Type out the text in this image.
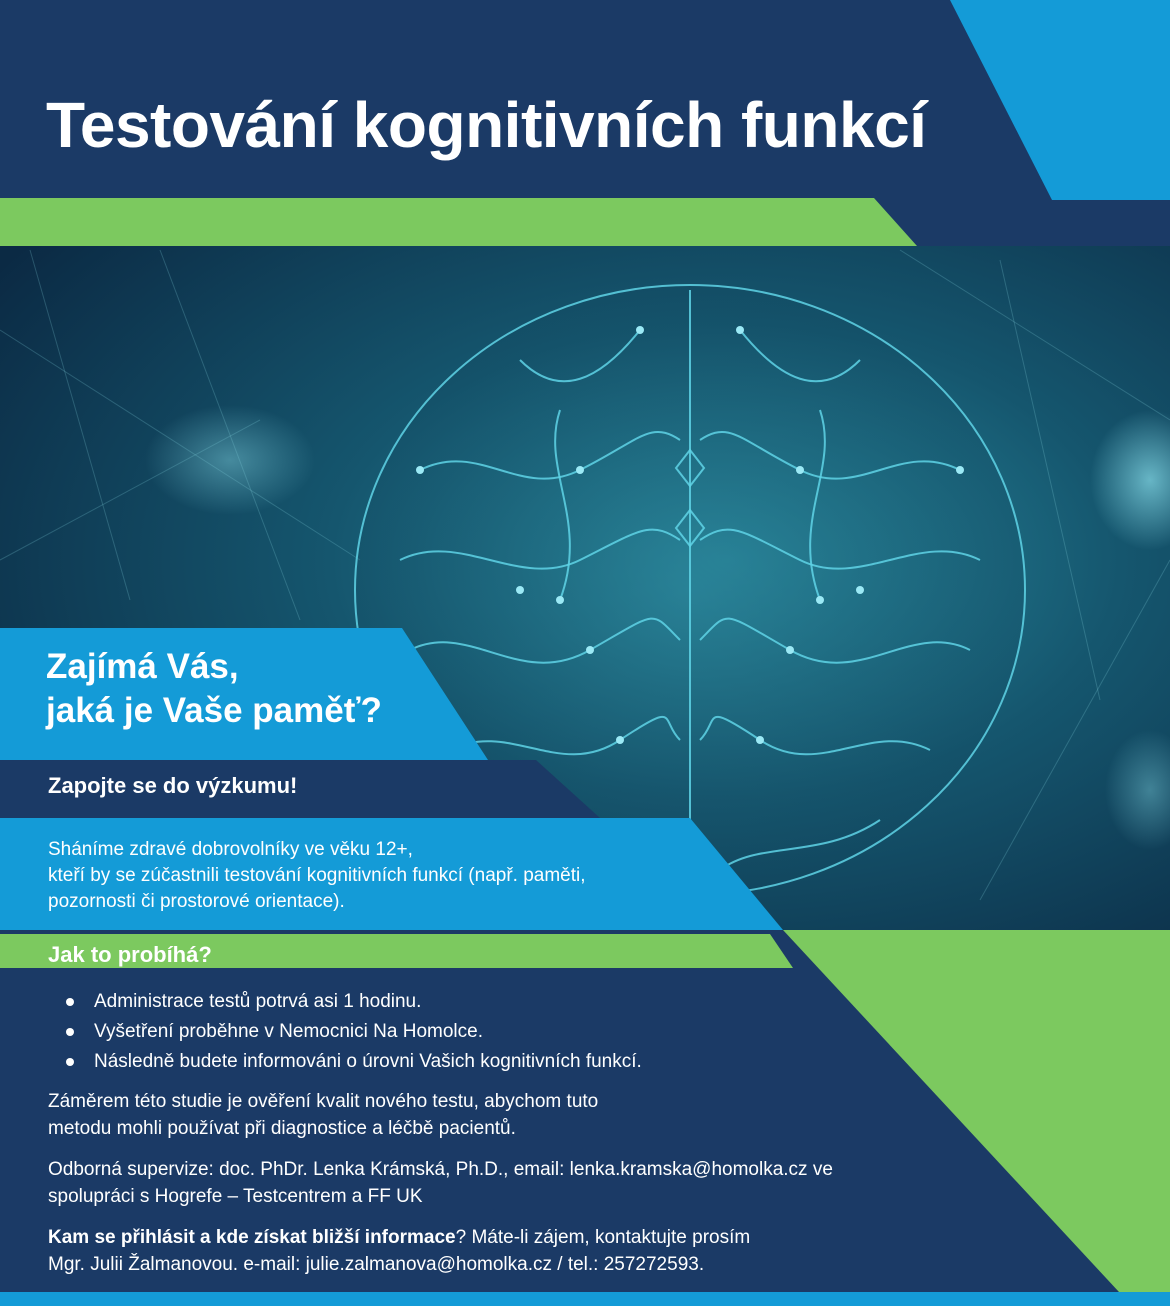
Testování kognitivních funkcí
Zajímá Vás,
jaká je Vaše paměť?

Zapojte se do výzkumu!

Sháníme zdravé dobrovolníky ve věku 12+,
kteří by se zúčastnili testování kognitivních funkcí (např. paměti,
pozornosti či prostorové orientace).

Jak to probíhá?

Administrace testů potrvá asi 1 hodinu.
Vyšetření proběhne v Nemocnici Na Homolce.
Následně budete informováni o úrovni Vašich kognitivních funkcí.

Záměrem této studie je ověření kvalit nového testu, abychom tuto
metodu mohli používat při diagnostice a léčbě pacientů.

Odborná supervize: doc. PhDr. Lenka Krámská, Ph.D., email: lenka.kramska@homolka.cz ve
spolupráci s Hogrefe – Testcentrem a FF UK

Kam se přihlásit a kde získat bližší informace? Máte-li zájem, kontaktujte prosím
Mgr. Julii Žalmanovou. e-mail: julie.zalmanova@homolka.cz / tel.: 257272593.
